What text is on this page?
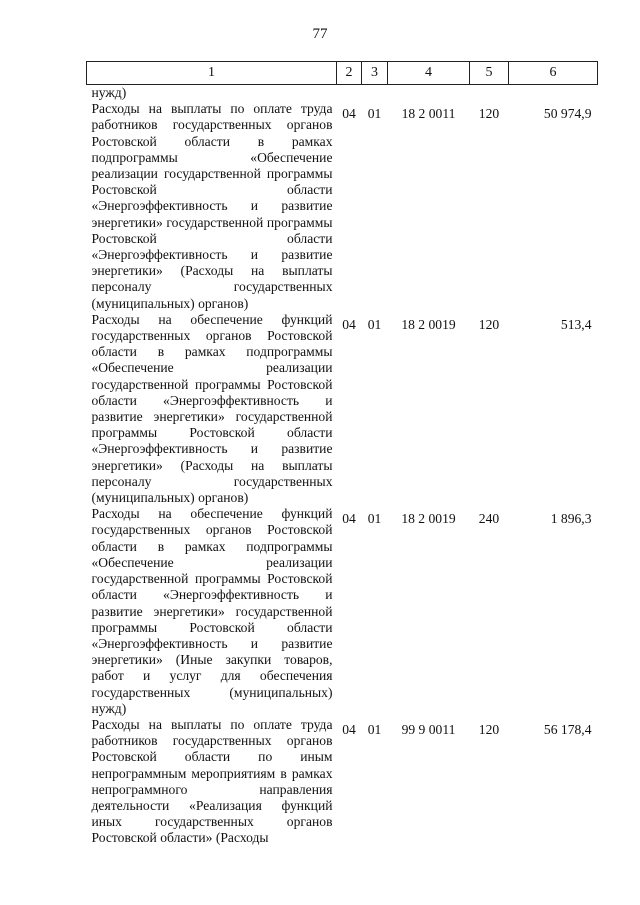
77
1	2	3	4	5	6
нужд)					
Расходы на выплаты по оплате труда работников государственных органов Ростовской области в рамках подпрограммы «Обеспечение реализации государственной программы Ростовской области «Энергоэффективность и развитие энергетики» государственной программы Ростовской области «Энергоэффективность и развитие энергетики» (Расходы на выплаты персоналу государственных (муниципальных) органов)	04	01	18 2 0011	120	50 974,9
Расходы на обеспечение функций государственных органов Ростовской области в рамках подпрограммы «Обеспечение реализации государственной программы Ростовской области «Энергоэффективность и развитие энергетики» государственной программы Ростовской области «Энергоэффективность и развитие энергетики» (Расходы на выплаты персоналу государственных (муниципальных) органов)	04	01	18 2 0019	120	513,4
Расходы на обеспечение функций государственных органов Ростовской области в рамках подпрограммы «Обеспечение реализации государственной программы Ростовской области «Энергоэффективность и развитие энергетики» государственной программы Ростовской области «Энергоэффективность и развитие энергетики» (Иные закупки товаров, работ и услуг для обеспечения государственных (муниципальных) нужд)	04	01	18 2 0019	240	1 896,3
Расходы на выплаты по оплате труда работников государственных органов Ростовской области по иным непрограммным мероприятиям в рамках непрограммного направления деятельности «Реализация функций иных государственных органов Ростовской области» (Расходы	04	01	99 9 0011	120	56 178,4
